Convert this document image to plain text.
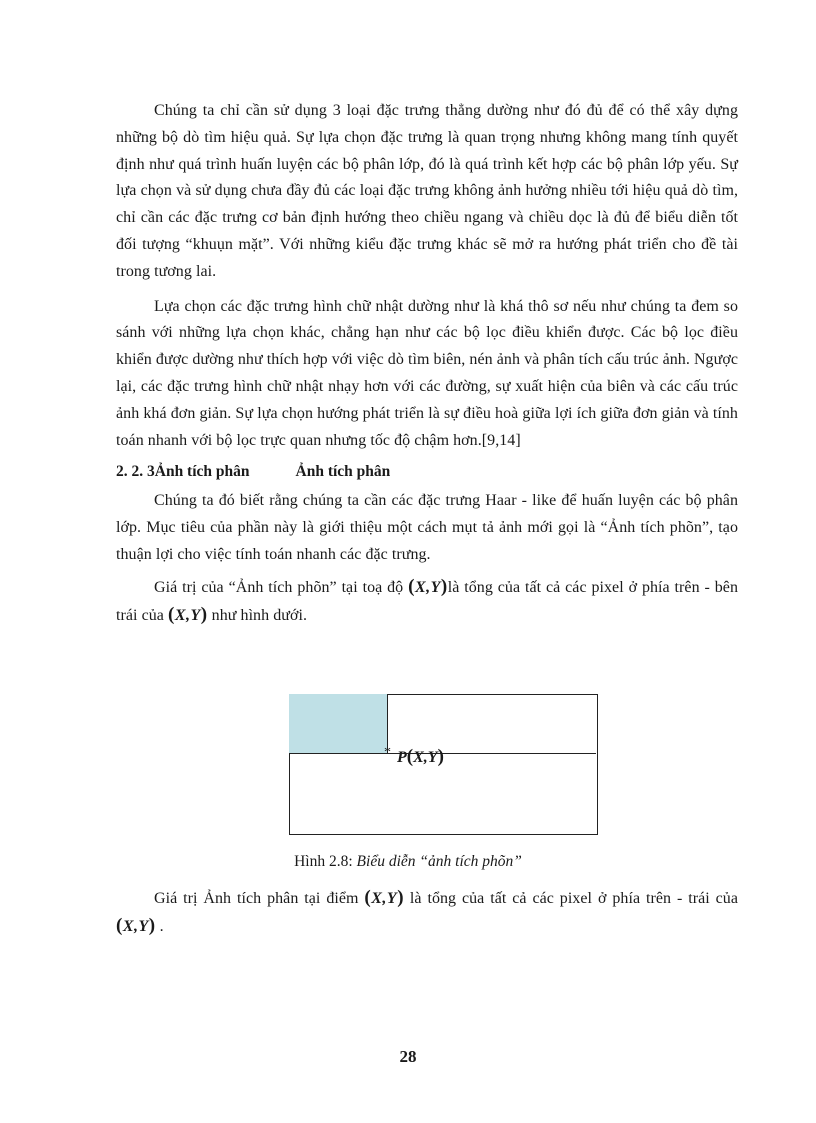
Chúng ta chỉ cần sử dụng 3 loại đặc trưng thẳng dường như đó đủ để có thể xây dựng những bộ dò tìm hiệu quả. Sự lựa chọn đặc trưng là quan trọng nhưng không mang tính quyết định như quá trình huấn luyện các bộ phân lớp, đó là quá trình kết hợp các bộ phân lớp yếu. Sự lựa chọn và sử dụng chưa đầy đủ các loại đặc trưng không ảnh hưởng nhiều tới hiệu quả dò tìm, chỉ cần các đặc trưng cơ bản định hướng theo chiều ngang và chiều dọc là đủ để biểu diễn tốt đối tượng “khuụn mặt”. Với những kiểu đặc trưng khác sẽ mở ra hướng phát triển cho đề tài trong tương lai.

Lựa chọn các đặc trưng hình chữ nhật dường như là khá thô sơ nếu như chúng ta đem so sánh với những lựa chọn khác, chẳng hạn như các bộ lọc điều khiển được. Các bộ lọc điều khiển được dường như thích hợp với việc dò tìm biên, nén ảnh và phân tích cấu trúc ảnh. Ngược lại, các đặc trưng hình chữ nhật nhạy hơn với các đường, sự xuất hiện của biên và các cấu trúc ảnh khá đơn giản. Sự lựa chọn hướng phát triển là sự điều hoà giữa lợi ích giữa đơn giản và tính toán nhanh với bộ lọc trực quan nhưng tốc độ chậm hơn.[9,14]

2. 2. 3Ảnh tích phân	Ảnh tích phân

Chúng ta đó biết rằng chúng ta cần các đặc trưng Haar - like để huấn luyện các bộ phân lớp. Mục tiêu của phần này là giới thiệu một cách mụt tả ảnh mới gọi là “Ảnh tích phõn”, tạo thuận lợi cho việc tính toán nhanh các đặc trưng.

Giá trị của “Ảnh tích phõn” tại toạ độ (X,Y)là tổng của tất cả các pixel ở phía trên - bên trái của (X,Y) như hình dưới.

* P(X,Y)
Hình 2.8: Biểu diễn “ảnh tích phõn”

Giá trị Ảnh tích phân tại điểm (X,Y) là tổng của tất cả các pixel ở phía trên - trái của (X,Y) .

28
